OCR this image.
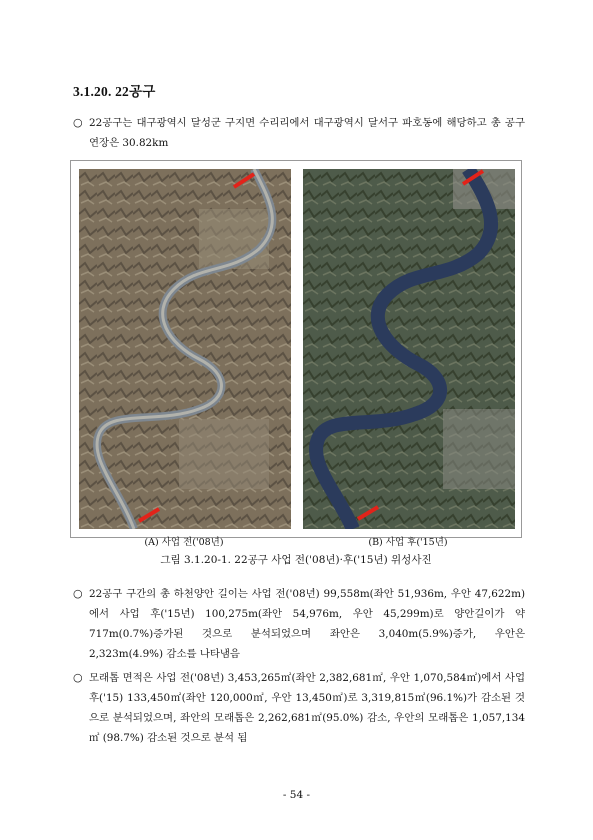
3.1.20. 22공구
○ 22공구는 대구광역시 달성군 구지면 수리리에서 대구광역시 달서구 파호동에 해당하고 총 공구연장은 30.82km
(A) 사업 전('08년)	(B) 사업 후('15년)
그림 3.1.20-1. 22공구 사업 전('08년)·후('15년) 위성사진
○ 22공구 구간의 총 하천양안 길이는 사업 전('08년) 99,558m(좌안 51,936m, 우안 47,622m)에서 사업 후('15년) 100,275m(좌안 54,976m, 우안 45,299m)로 양안길이가 약 717m(0.7%)증가된 것으로 분석되었으며 좌안은 3,040m(5.9%)증가, 우안은 2,323m(4.9%) 감소를 나타냄음
○ 모래톱 면적은 사업 전('08년) 3,453,265㎡(좌안 2,382,681㎡, 우안 1,070,584㎡)에서 사업 후('15) 133,450㎡(좌안 120,000㎡, 우안 13,450㎡)로 3,319,815㎡(96.1%)가 감소된 것으로 분석되었으며, 좌안의 모래톱은 2,262,681㎡(95.0%) 감소, 우안의 모래톱은 1,057,134㎡ (98.7%) 감소된 것으로 분석 됨
- 54 -
